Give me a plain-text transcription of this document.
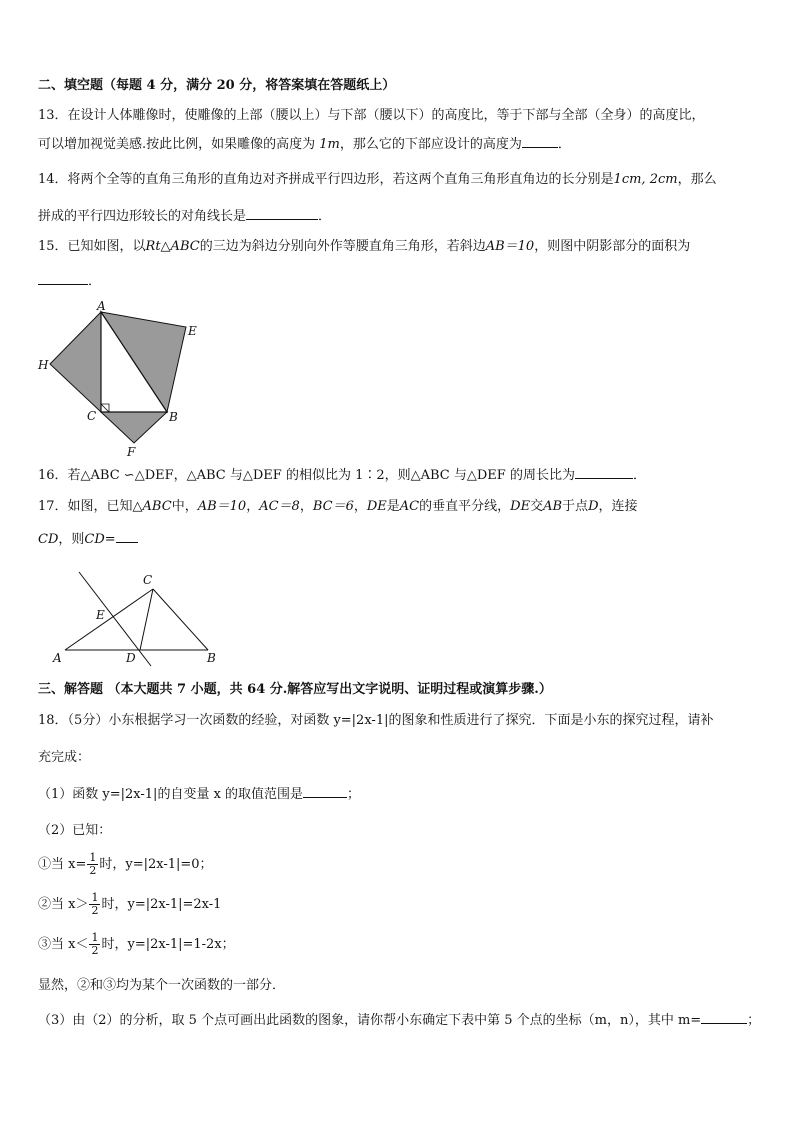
二、填空题（每题 4 分，满分 20 分，将答案填在答题纸上）
13．在设计人体雕像时，使雕像的上部（腰以上）与下部（腰以下）的高度比，等于下部与全部（全身）的高度比，
可以增加视觉美感.按此比例，如果雕像的高度为 1m，那么它的下部应设计的高度为	．
14．将两个全等的直角三角形的直角边对齐拼成平行四边形，若这两个直角三角形直角边的长分别是1cm, 2cm，那么
拼成的平行四边形较长的对角线长是	．
15．已知如图，以Rt△ABC的三边为斜边分别向外作等腰直角三角形，若斜边AB＝10，则图中阴影部分的面积为
．
A
E
H
C	B
F
16．若△ABC ∽△DEF，△ABC 与△DEF 的相似比为 1∶2，则△ABC 与△DEF 的周长比为	．
17．如图，已知△ABC中，AB＝10，AC＝8，BC＝6，DE是AC的垂直平分线，DE交AB于点D，连接
CD，则CD=
C
E
A	D	B
三、解答题 （本大题共 7 小题，共 64 分.解答应写出文字说明、证明过程或演算步骤.）
18．（5分）小东根据学习一次函数的经验，对函数 y=|2x-1|的图象和性质进行了探究．下面是小东的探究过程，请补
充完成：
（1）函数 y=|2x-1|的自变量 x 的取值范围是	；
（2）已知：
①当 $x= \frac{1}{2}$ 时，y=|2x-1|=0；
②当 $x> \frac{1}{2}$ 时，y=|2x-1|=2x-1
③当 $x< \frac{1}{2}$ 时，y=|2x-1|=1-2x；
显然，②和③均为某个一次函数的一部分．
（3）由（2）的分析，取 5 个点可画出此函数的图象，请你帮小东确定下表中第 5 个点的坐标（m，n），其中 m=	；
